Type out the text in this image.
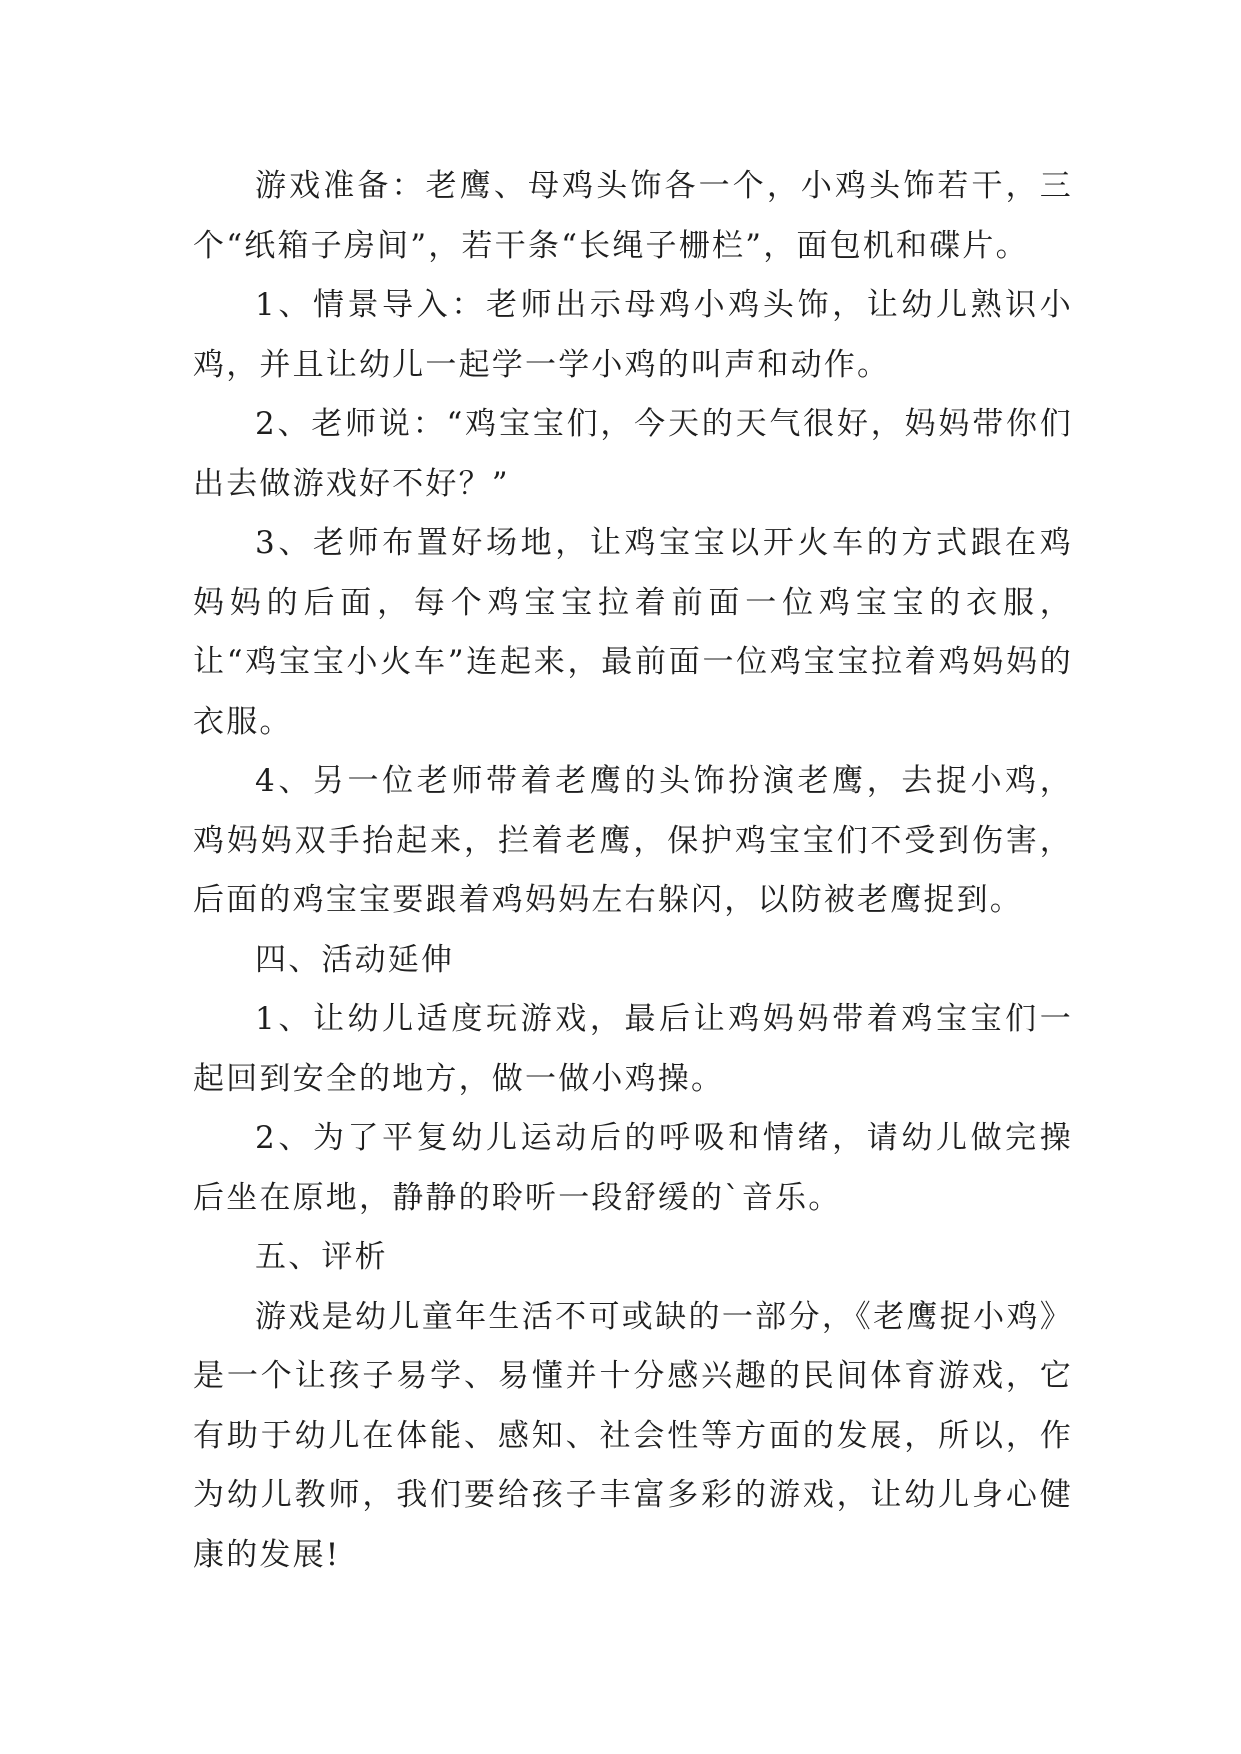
游戏准备：老鹰、母鸡头饰各一个，小鸡头饰若干，三个“纸箱子房间”，若干条“长绳子栅栏”，面包机和碟片。

1、情景导入：老师出示母鸡小鸡头饰，让幼儿熟识小鸡，并且让幼儿一起学一学小鸡的叫声和动作。

2、老师说：“鸡宝宝们，今天的天气很好，妈妈带你们出去做游戏好不好？”

3、老师布置好场地，让鸡宝宝以开火车的方式跟在鸡妈妈的后面，每个鸡宝宝拉着前面一位鸡宝宝的衣服，让“鸡宝宝小火车”连起来，最前面一位鸡宝宝拉着鸡妈妈的衣服。

4、另一位老师带着老鹰的头饰扮演老鹰，去捉小鸡，鸡妈妈双手抬起来，拦着老鹰，保护鸡宝宝们不受到伤害，后面的鸡宝宝要跟着鸡妈妈左右躲闪，以防被老鹰捉到。

四、活动延伸

1、让幼儿适度玩游戏，最后让鸡妈妈带着鸡宝宝们一起回到安全的地方，做一做小鸡操。

2、为了平复幼儿运动后的呼吸和情绪，请幼儿做完操后坐在原地，静静的聆听一段舒缓的`音乐。

五、评析

游戏是幼儿童年生活不可或缺的一部分，《老鹰捉小鸡》是一个让孩子易学、易懂并十分感兴趣的民间体育游戏，它有助于幼儿在体能、感知、社会性等方面的发展，所以，作为幼儿教师，我们要给孩子丰富多彩的游戏，让幼儿身心健康的发展!
